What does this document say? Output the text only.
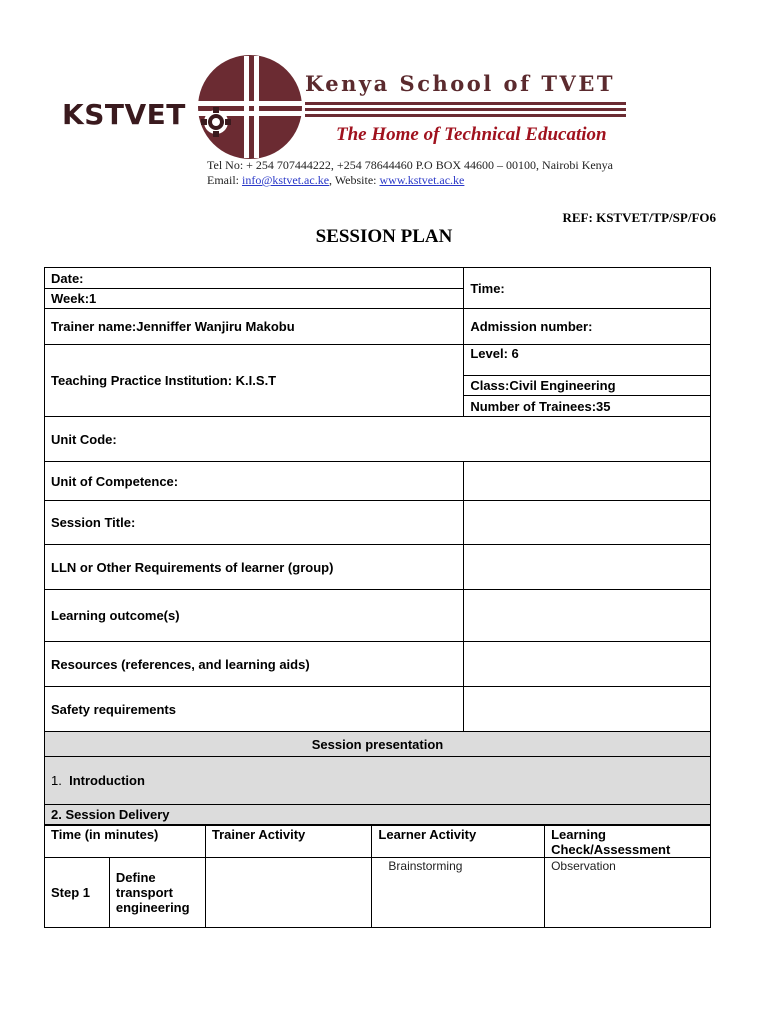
KSTVET
Kenya School of TVET
The Home of Technical Education
Tel No: + 254 707444222, +254 78644460 P.O BOX 44600 – 00100, Nairobi Kenya
Email: info@kstvet.ac.ke, Website: www.kstvet.ac.ke
REF: KSTVET/TP/SP/FO6
SESSION PLAN
Date:	Time:
Week:1	
Trainer name:Jenniffer Wanjiru Makobu	Admission number:
Teaching Practice Institution: K.I.S.T	Level: 6
	Class:Civil Engineering
	Number of Trainees:35
Unit Code:	
Unit of Competence:	
Session Title:	
LLN or Other Requirements of learner (group)	
Learning outcome(s)	
Resources (references, and learning aids)	
Safety requirements	
Session presentation	
1. Introduction	
2. Session Delivery	
Time (in minutes)		Trainer Activity	Learner Activity	Learning Check/Assessment
Step 1	Define transport engineering		Brainstorming	Observation
